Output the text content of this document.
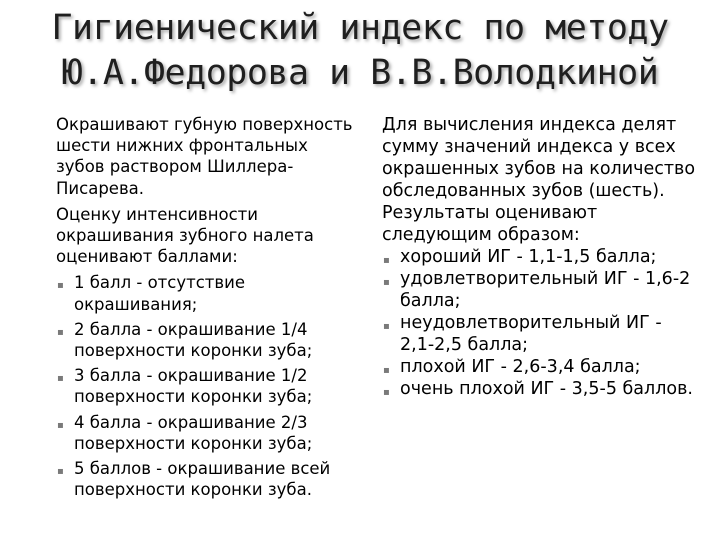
Гигиенический индекс по методу
Ю.А.Федорова и В.В.Володкиной

Окрашивают губную поверхность шести нижних фронтальных зубов раствором Шиллера-Писарева.

Оценку интенсивности окрашивания зубного налета оценивают баллами:

▪ 1 балл - отсутствие окрашивания;
▪ 2 балла - окрашивание 1/4 поверхности коронки зуба;
▪ 3 балла - окрашивание 1/2 поверхности коронки зуба;
▪ 4 балла - окрашивание 2/3 поверхности коронки зуба;
▪ 5 баллов - окрашивание всей поверхности коронки зуба.

Для вычисления индекса делят сумму значений индекса у всех окрашенных зубов на количество обследованных зубов (шесть).

Результаты оценивают следующим образом:

▪ хороший ИГ - 1,1-1,5 балла;
▪ удовлетворительный ИГ - 1,6-2 балла;
▪ неудовлетворительный ИГ - 2,1-2,5 балла;
▪ плохой ИГ - 2,6-3,4 балла;
▪ очень плохой ИГ - 3,5-5 баллов.
